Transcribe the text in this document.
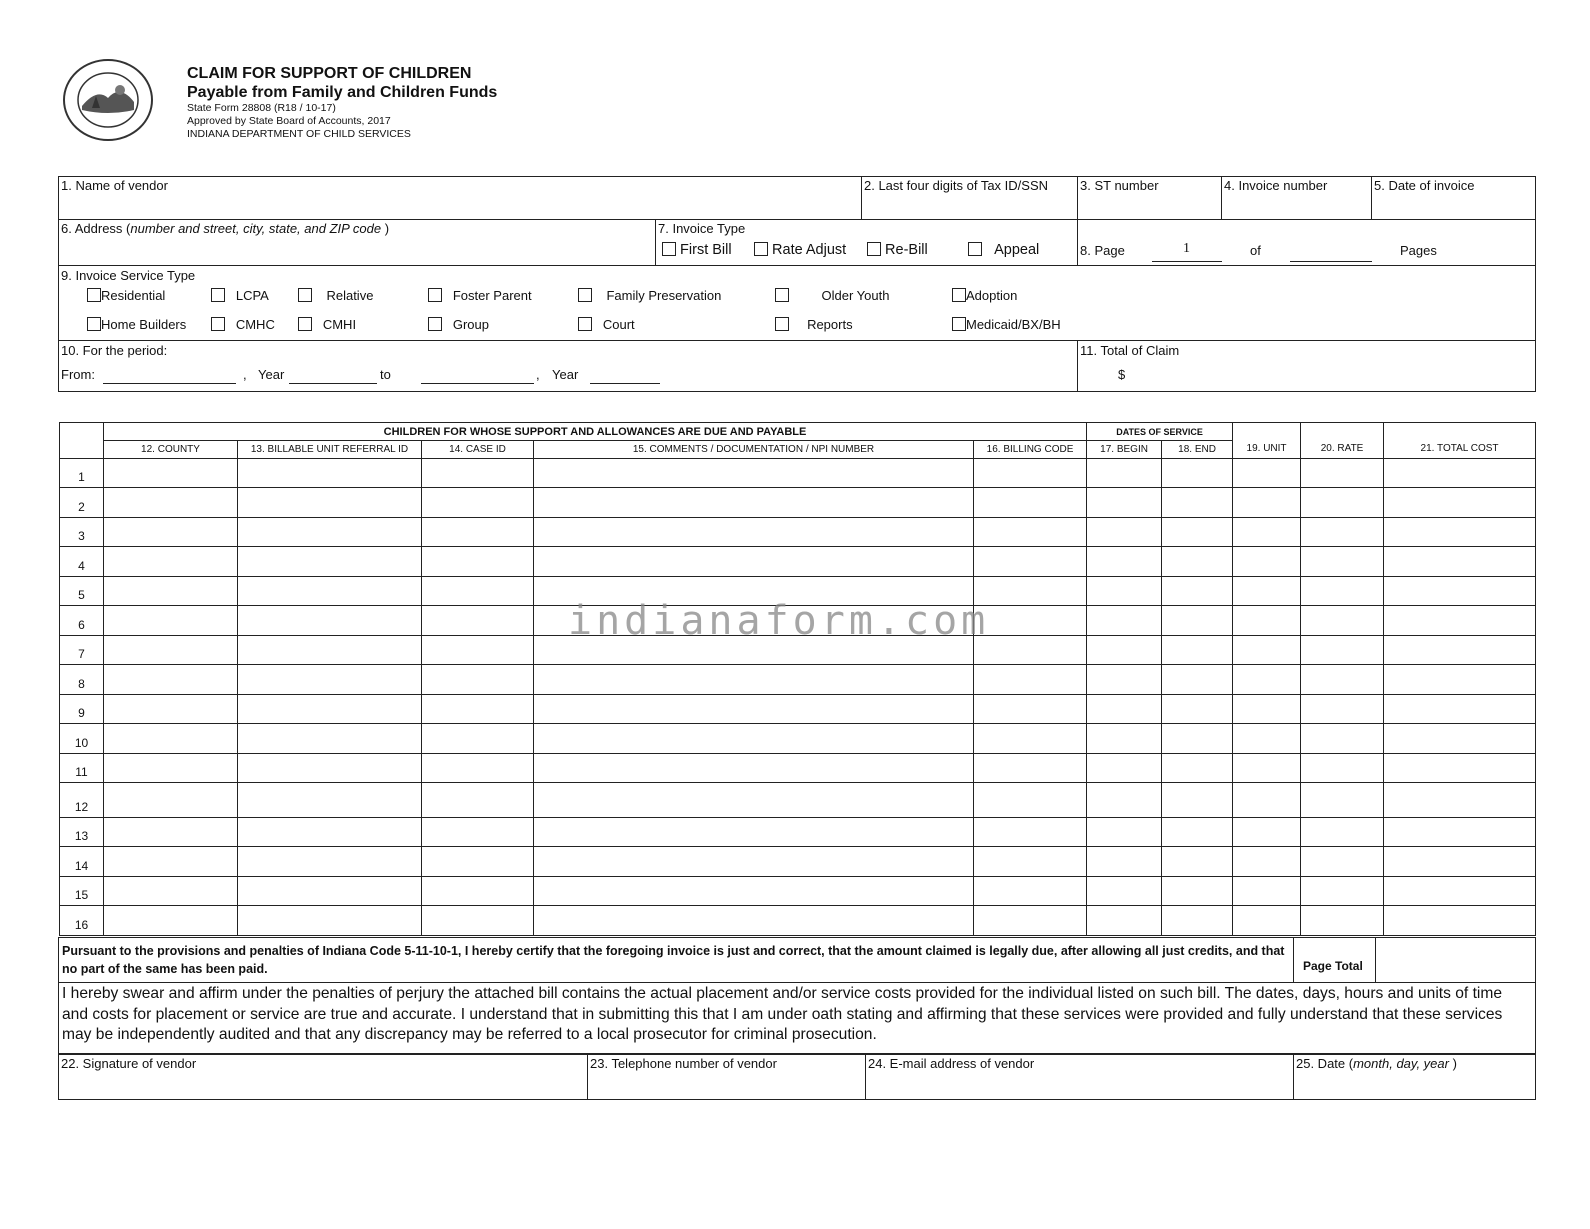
CLAIM FOR SUPPORT OF CHILDREN
Payable from Family and Children Funds
State Form 28808 (R18 / 10-17)
Approved by State Board of Accounts, 2017
INDIANA DEPARTMENT OF CHILD SERVICES
1. Name of vendor	2. Last four digits of Tax ID/SSN 3. ST number	4. Invoice number	5. Date of invoice
6. Address (number and street, city, state, and ZIP code )	7. Invoice Type
First Bill	Rate Adjust	Re-Bill	Appeal	8. Page	1	of	Pages
9. Invoice Service Type
Residential	LCPA	Relative	Foster Parent	Family Preservation	Older Youth	Adoption
Home Builders	CMHC	CMHI	Group	Court	Reports	Medicaid/BX/BH
10. For the period:
From:	, Year	to	, Year
11. Total of Claim
$
	CHILDREN FOR WHOSE SUPPORT AND ALLOWANCES ARE DUE AND PAYABLE					DATES OF SERVICE		19. UNIT	20. RATE	21. TOTAL COST
	12. COUNTY	13. BILLABLE UNIT REFERRAL ID	14. CASE ID	15. COMMENTS / DOCUMENTATION / NPI NUMBER	16. BILLING CODE	17. BEGIN	18. END			
1										
2										
3										
4										
5										
6										
7										
8										
9										
10										
11										
12										
13										
14										
15										
16										
indianaform.com
Pursuant to the provisions and penalties of Indiana Code 5-11-10-1, I hereby certify that the foregoing invoice is just and correct, that the amount claimed is legally due, after allowing all just credits, and that no part of the same has been paid.	Page Total
I hereby swear and affirm under the penalties of perjury the attached bill contains the actual placement and/or service costs provided for the individual listed on such bill. The dates, days, hours and units of time and costs for placement or service are true and accurate. I understand that in submitting this that I am under oath stating and affirming that these services were provided and fully understand that these services may be independently audited and that any discrepancy may be referred to a local prosecutor for criminal prosecution.
22. Signature of vendor	23. Telephone number of vendor	24. E-mail address of vendor	25. Date (month, day, year )
